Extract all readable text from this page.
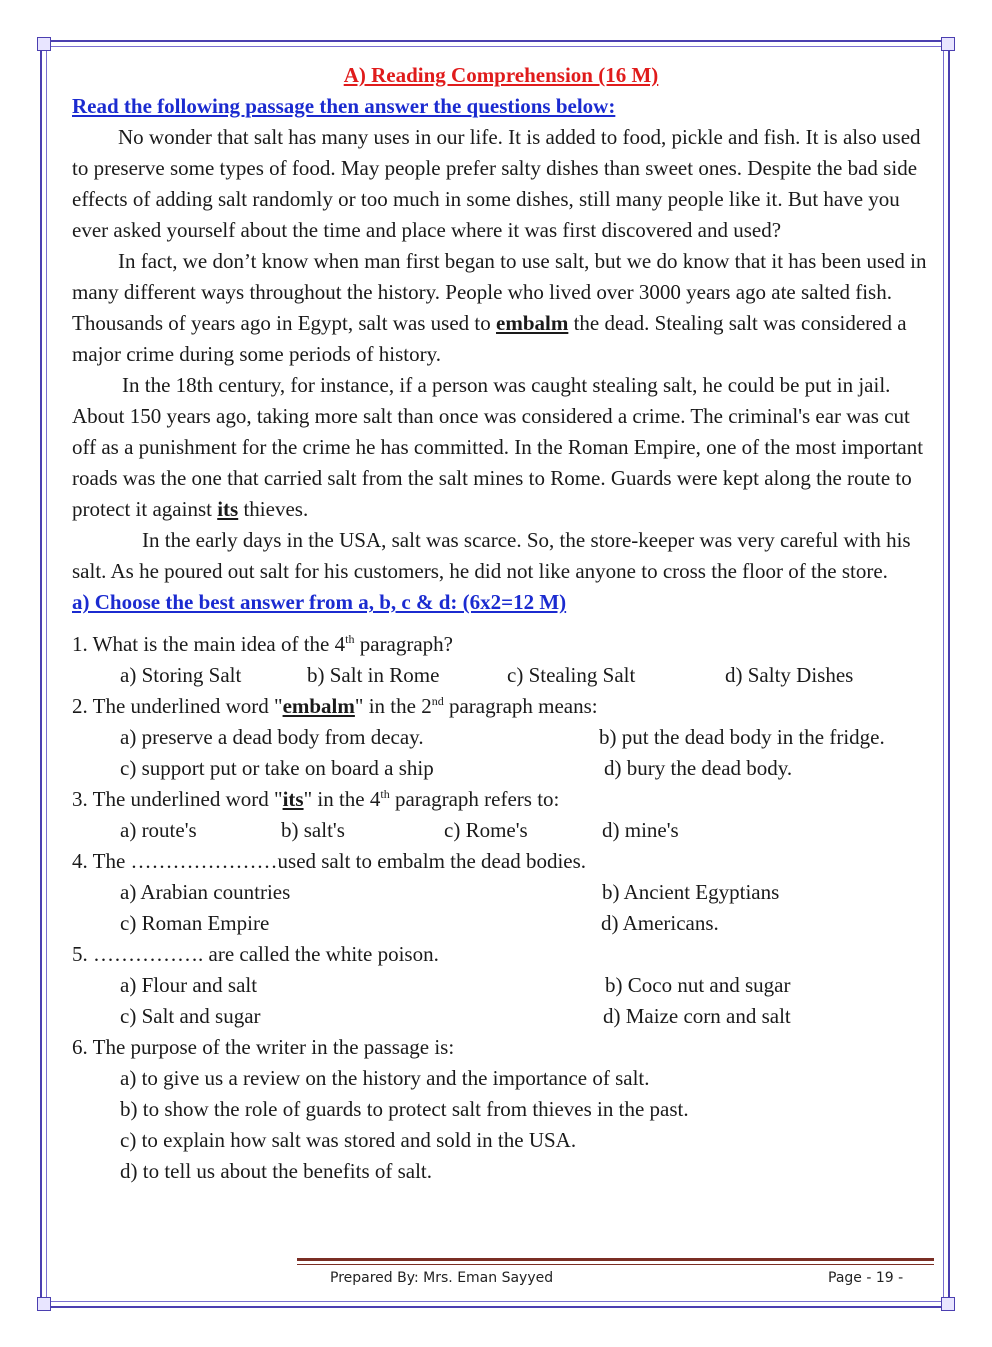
A) Reading Comprehension (16 M)

Read the following passage then answer the questions below:

No wonder that salt has many uses in our life. It is added to food, pickle and fish. It is also used to preserve some types of food. May people prefer salty dishes than sweet ones. Despite the bad side effects of adding salt randomly or too much in some dishes, still many people like it. But have you ever asked yourself about the time and place where it was first discovered and used?

In fact, we don’t know when man first began to use salt, but we do know that it has been used in many different ways throughout the history. People who lived over 3000 years ago ate salted fish. Thousands of years ago in Egypt, salt was used to embalm the dead. Stealing salt was considered a major crime during some periods of history.

In the 18th century, for instance, if a person was caught stealing salt, he could be put in jail. About 150 years ago, taking more salt than once was considered a crime. The criminal's ear was cut off as a punishment for the crime he has committed. In the Roman Empire, one of the most important roads was the one that carried salt from the salt mines to Rome. Guards were kept along the route to protect it against its thieves.

In the early days in the USA, salt was scarce. So, the store-keeper was very careful with his salt. As he poured out salt for his customers, he did not like anyone to cross the floor of the store.

a) Choose the best answer from a, b, c & d: (6x2=12 M)

1. What is the main idea of the 4th paragraph?

a) Storing Salt	b) Salt in Rome	c) Stealing Salt	d) Salty Dishes

2. The underlined word "embalm" in the 2nd paragraph means:

a) preserve a dead body from decay.	b) put the dead body in the fridge.
c) support put or take on board a ship	d) bury the dead body.

3. The underlined word "its" in the 4th paragraph refers to:

a) route's	b) salt's	c) Rome's	d) mine's

4. The …………………used salt to embalm the dead bodies.

a) Arabian countries	b) Ancient Egyptians
c) Roman Empire	d) Americans.

5. ……………. are called the white poison.

a) Flour and salt	b) Coco nut and sugar
c) Salt and sugar	d) Maize corn and salt

6. The purpose of the writer in the passage is:

a) to give us a review on the history and the importance of salt.

b) to show the role of guards to protect salt from thieves in the past.

c) to explain how salt was stored and sold in the USA.

d) to tell us about the benefits of salt.

Prepared By: Mrs. Eman Sayyed	Page - 19 -
